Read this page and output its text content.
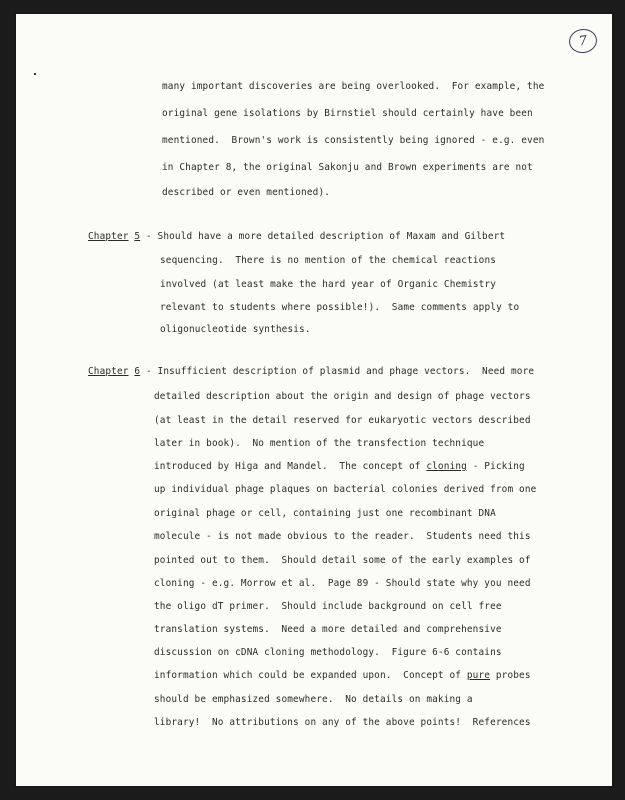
7
many important discoveries are being overlooked.  For example, the
original gene isolations by Birnstiel should certainly have been
mentioned.  Brown's work is consistently being ignored - e.g. even
in Chapter 8, the original Sakonju and Brown experiments are not
described or even mentioned).
Chapter 5 - Should have a more detailed description of Maxam and Gilbert
sequencing.  There is no mention of the chemical reactions
involved (at least make the hard year of Organic Chemistry
relevant to students where possible!).  Same comments apply to
oligonucleotide synthesis.
Chapter 6 - Insufficient description of plasmid and phage vectors.  Need more
detailed description about the origin and design of phage vectors
(at least in the detail reserved for eukaryotic vectors described
later in book).  No mention of the transfection technique
introduced by Higa and Mandel.  The concept of cloning - Picking
up individual phage plaques on bacterial colonies derived from one
original phage or cell, containing just one recombinant DNA
molecule - is not made obvious to the reader.  Students need this
pointed out to them.  Should detail some of the early examples of
cloning - e.g. Morrow et al.  Page 89 - Should state why you need
the oligo dT primer.  Should include background on cell free
translation systems.  Need a more detailed and comprehensive
discussion on cDNA cloning methodology.  Figure 6-6 contains
information which could be expanded upon.  Concept of pure probes
should be emphasized somewhere.  No details on making a
library!  No attributions on any of the above points!  References
